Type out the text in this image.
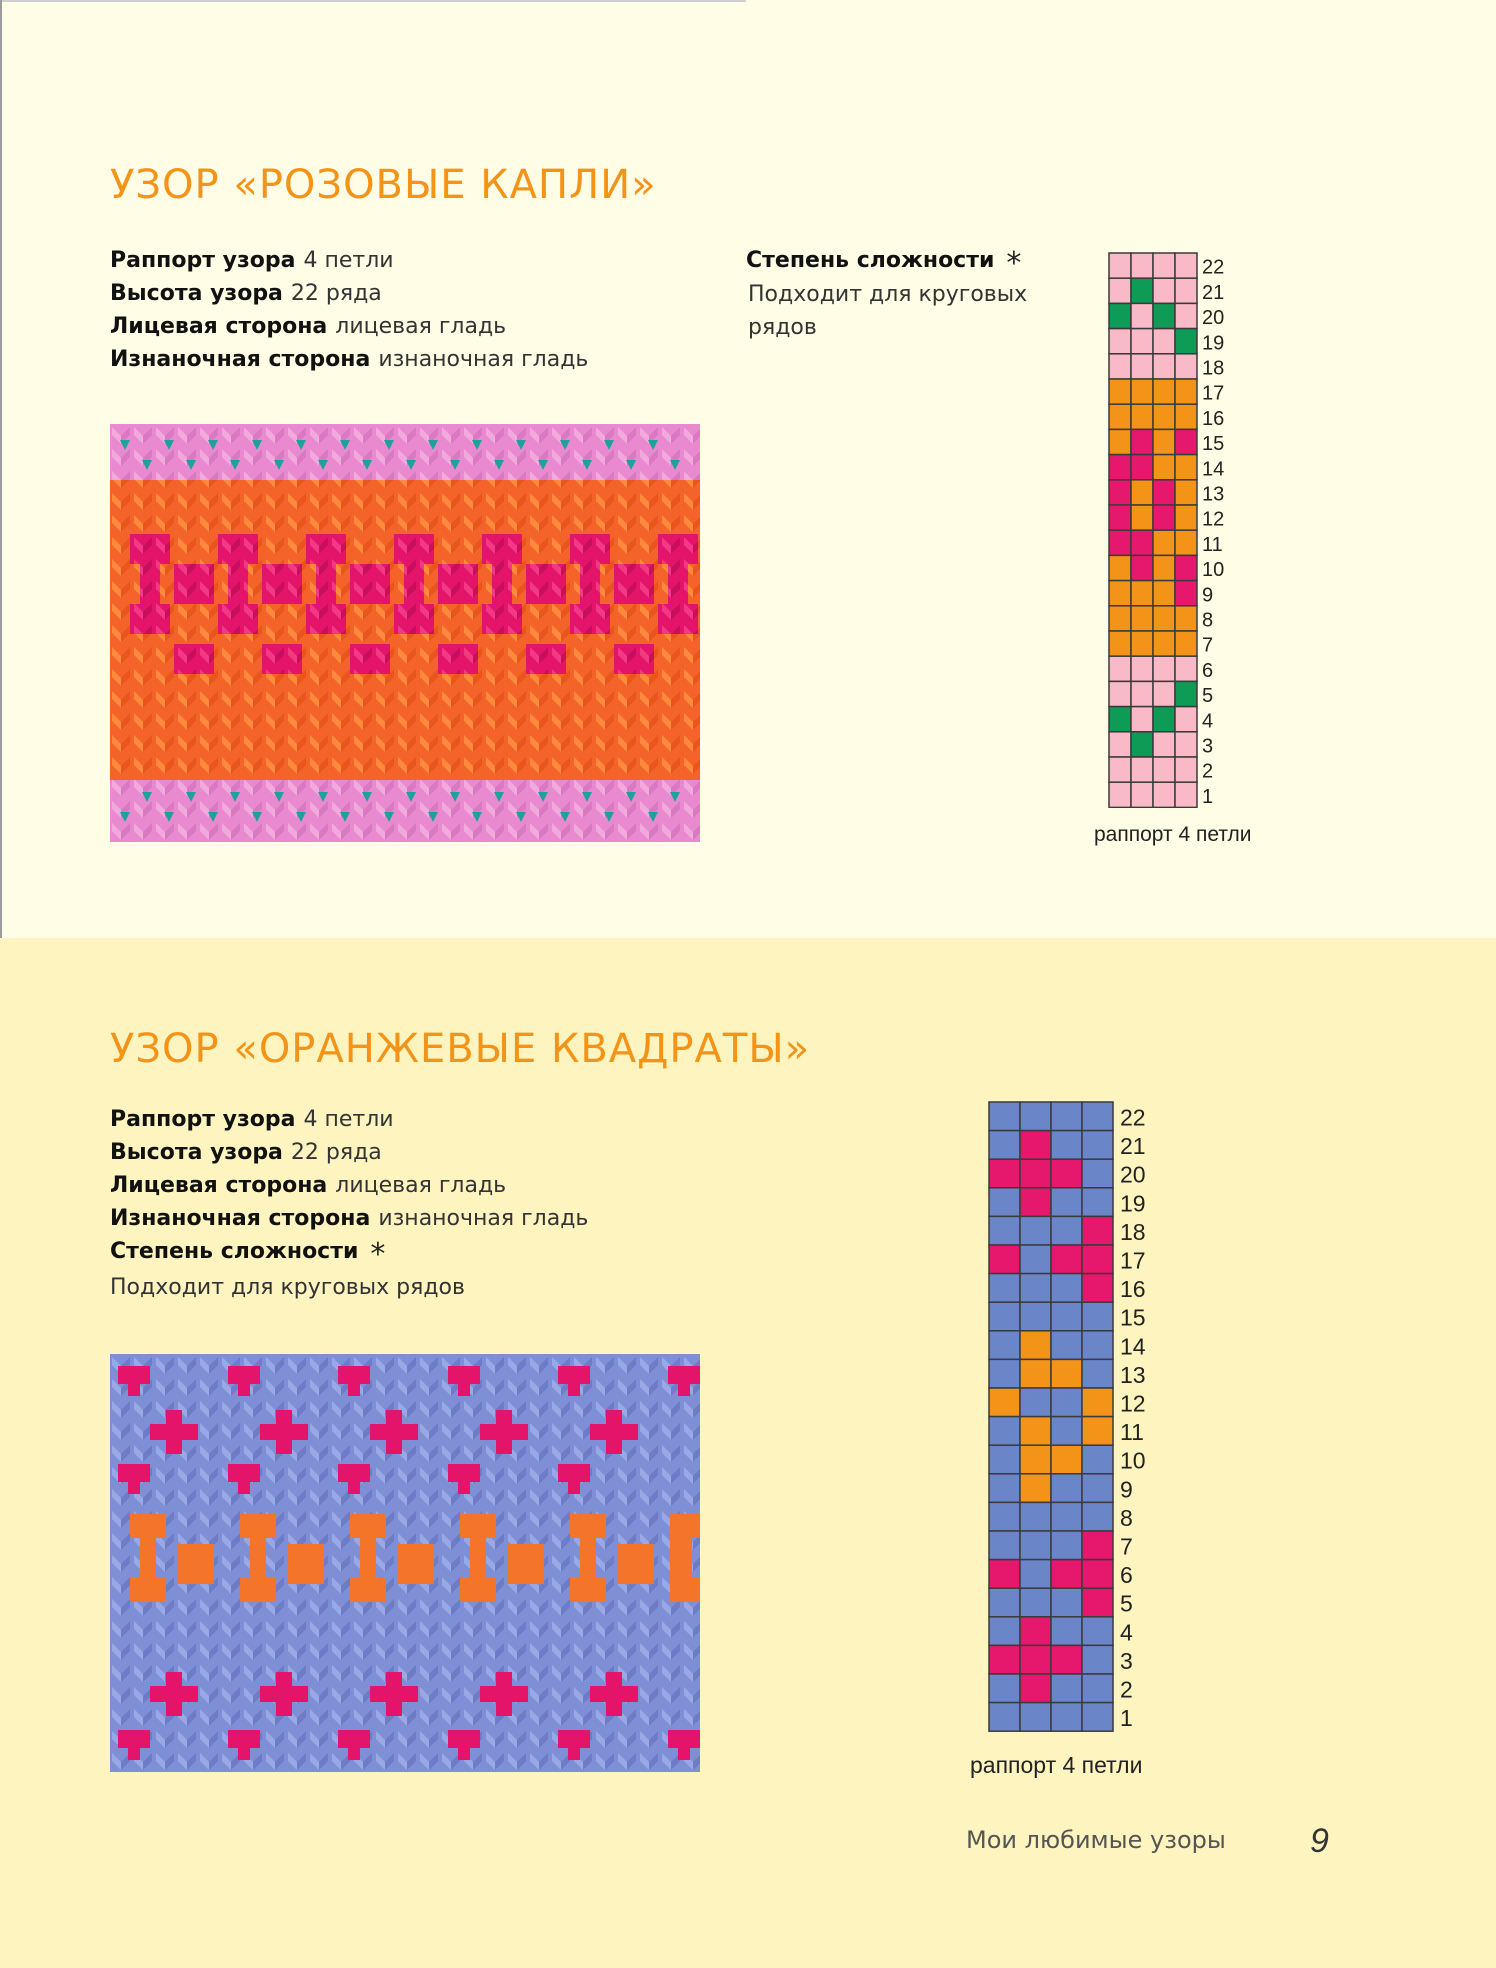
УЗОР «РОЗОВЫЕ КАПЛИ»
Раппорт узора 4 петли
Высота узора 22 ряда
Лицевая сторона лицевая гладь
Изнаночная сторона изнаночная гладь
Степень сложности *
Подходит для круговых рядов
22
21
20
19
18
17
16
15
14
13
12
11
10
9
8
7
6
5
4
3
2
1
раппорт 4 петли
УЗОР «ОРАНЖЕВЫЕ КВАДРАТЫ»
Раппорт узора 4 петли
Высота узора 22 ряда
Лицевая сторона лицевая гладь
Изнаночная сторона изнаночная гладь
Степень сложности *
Подходит для круговых рядов
22
21
20
19
18
17
16
15
14
13
12
11
10
9
8
7
6
5
4
3
2
1
раппорт 4 петли
Мои любимые узоры 9
